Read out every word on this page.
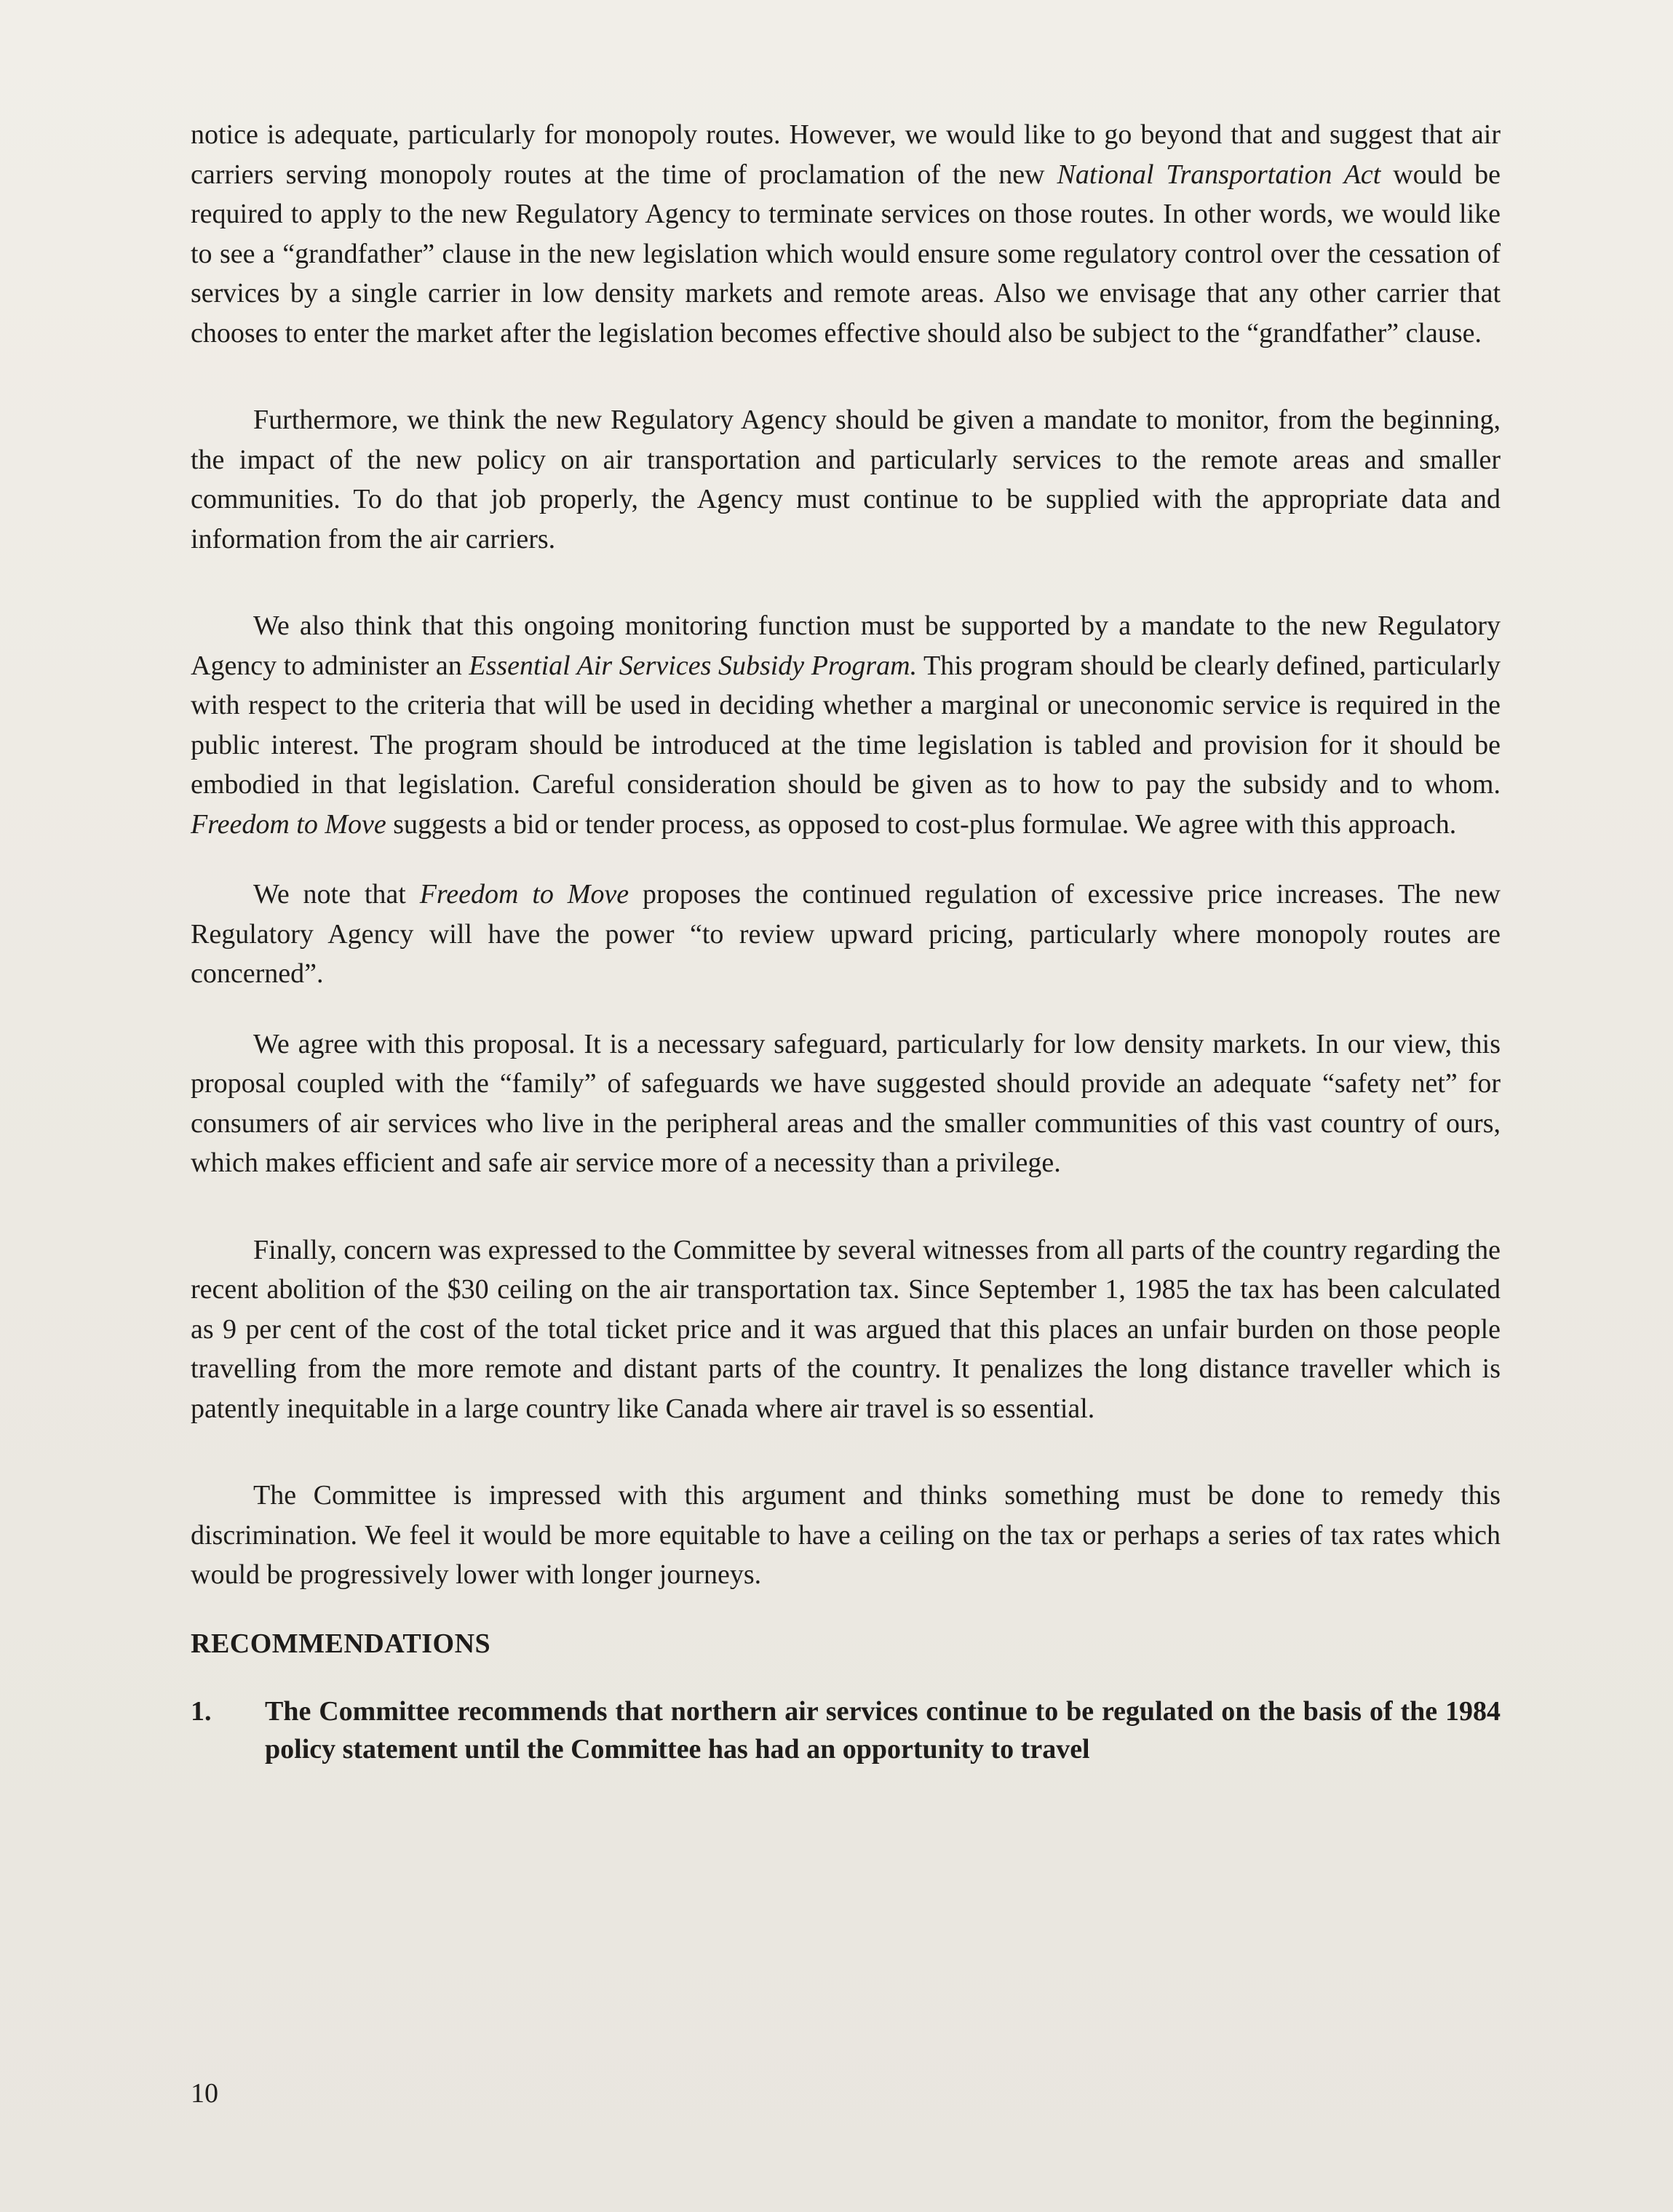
notice is adequate, particularly for monopoly routes. However, we would like to go beyond that and suggest that air carriers serving monopoly routes at the time of proclamation of the new National Transportation Act would be required to apply to the new Regulatory Agency to terminate services on those routes. In other words, we would like to see a “grandfather” clause in the new legislation which would ensure some regulatory control over the cessation of services by a single carrier in low density markets and remote areas. Also we envisage that any other carrier that chooses to enter the market after the legislation becomes effective should also be subject to the “grandfather” clause.

Furthermore, we think the new Regulatory Agency should be given a mandate to monitor, from the beginning, the impact of the new policy on air transportation and particularly services to the remote areas and smaller communities. To do that job properly, the Agency must continue to be supplied with the appropriate data and information from the air carriers.

We also think that this ongoing monitoring function must be supported by a mandate to the new Regulatory Agency to administer an Essential Air Services Subsidy Program. This program should be clearly defined, particularly with respect to the criteria that will be used in deciding whether a marginal or uneconomic service is required in the public interest. The program should be introduced at the time legislation is tabled and provision for it should be embodied in that legislation. Careful consideration should be given as to how to pay the subsidy and to whom. Freedom to Move suggests a bid or tender process, as opposed to cost-plus formulae. We agree with this approach.

We note that Freedom to Move proposes the continued regulation of excessive price increases. The new Regulatory Agency will have the power “to review upward pricing, particularly where monopoly routes are concerned”.

We agree with this proposal. It is a necessary safeguard, particularly for low density markets. In our view, this proposal coupled with the “family” of safeguards we have suggested should provide an adequate “safety net” for consumers of air services who live in the peripheral areas and the smaller communities of this vast country of ours, which makes efficient and safe air service more of a necessity than a privilege.

Finally, concern was expressed to the Committee by several witnesses from all parts of the country regarding the recent abolition of the $30 ceiling on the air transportation tax. Since September 1, 1985 the tax has been calculated as 9 per cent of the cost of the total ticket price and it was argued that this places an unfair burden on those people travelling from the more remote and distant parts of the country. It penalizes the long distance traveller which is patently inequitable in a large country like Canada where air travel is so essential.

The Committee is impressed with this argument and thinks something must be done to remedy this discrimination. We feel it would be more equitable to have a ceiling on the tax or perhaps a series of tax rates which would be progressively lower with longer journeys.

RECOMMENDATIONS
1.	The Committee recommends that northern air services continue to be regulated on the basis of the 1984 policy statement until the Committee has had an opportunity to travel
10
